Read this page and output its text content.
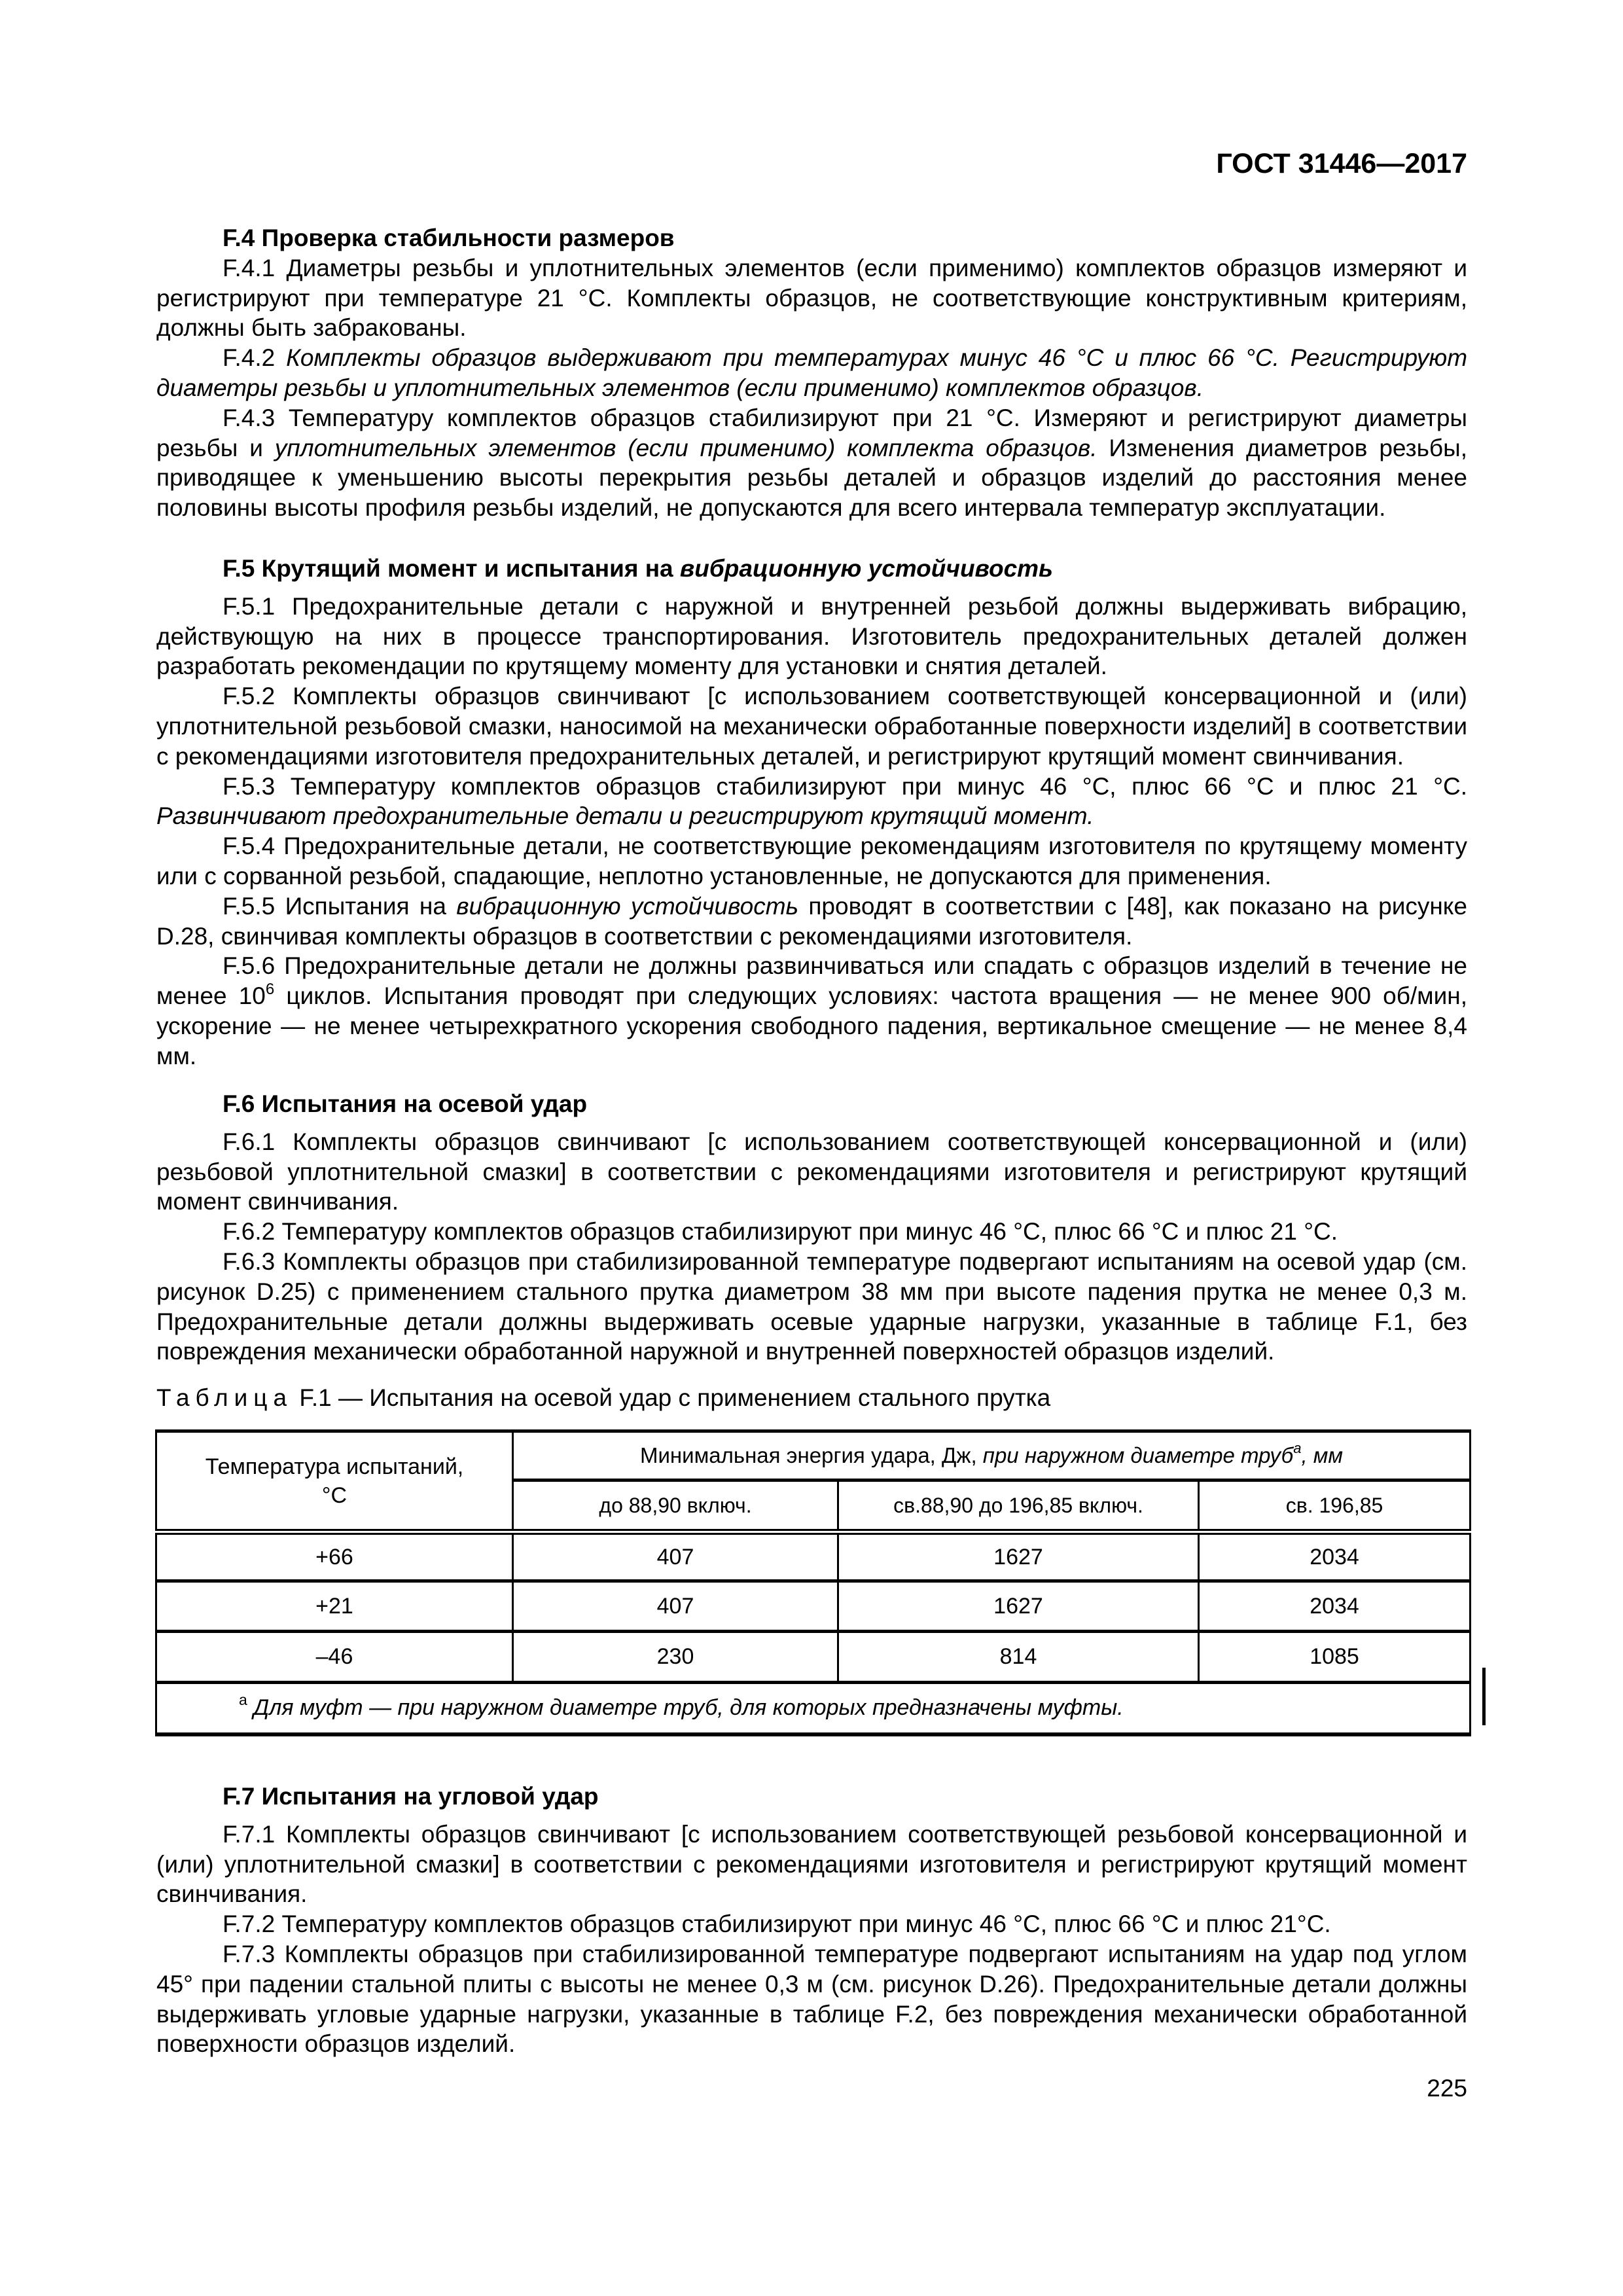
ГОСТ 31446—2017
F.4 Проверка стабильности размеров

F.4.1 Диаметры резьбы и уплотнительных элементов (если применимо) комплектов образцов измеряют и регистрируют при температуре 21 °С. Комплекты образцов, не соответствующие конструктивным критериям, должны быть забракованы.

F.4.2 Комплекты образцов выдерживают при температурах минус 46 °С и плюс 66 °С. Регистрируют диаметры резьбы и уплотнительных элементов (если применимо) комплектов образцов.

F.4.3 Температуру комплектов образцов стабилизируют при 21 °С. Измеряют и регистрируют диаметры резьбы и уплотнительных элементов (если применимо) комплекта образцов. Изменения диаметров резьбы, приводящее к уменьшению высоты перекрытия резьбы деталей и образцов изделий до расстояния менее половины высоты профиля резьбы изделий, не допускаются для всего интервала температур эксплуатации.

F.5 Крутящий момент и испытания на вибрационную устойчивость

F.5.1 Предохранительные детали с наружной и внутренней резьбой должны выдерживать вибрацию, действующую на них в процессе транспортирования. Изготовитель предохранительных деталей должен разработать рекомендации по крутящему моменту для установки и снятия деталей.

F.5.2 Комплекты образцов свинчивают [с использованием соответствующей консервационной и (или) уплотнительной резьбовой смазки, наносимой на механически обработанные поверхности изделий] в соответствии с рекомендациями изготовителя предохранительных деталей, и регистрируют крутящий момент свинчивания.

F.5.3 Температуру комплектов образцов стабилизируют при минус 46 °С, плюс 66 °С и плюс 21 °С. Развинчивают предохранительные детали и регистрируют крутящий момент.

F.5.4 Предохранительные детали, не соответствующие рекомендациям изготовителя по крутящему моменту или с сорванной резьбой, спадающие, неплотно установленные, не допускаются для применения.

F.5.5 Испытания на вибрационную устойчивость проводят в соответствии с [48], как показано на рисунке D.28, свинчивая комплекты образцов в соответствии с рекомендациями изготовителя.

F.5.6 Предохранительные детали не должны развинчиваться или спадать с образцов изделий в течение не менее $10^6$ циклов. Испытания проводят при следующих условиях: частота вращения — не менее 900 об/мин, ускорение — не менее четырехкратного ускорения свободного падения, вертикальное смещение — не менее 8,4 мм.

F.6 Испытания на осевой удар

F.6.1 Комплекты образцов свинчивают [с использованием соответствующей консервационной и (или) резьбовой уплотнительной смазки] в соответствии с рекомендациями изготовителя и регистрируют крутящий момент свинчивания.

F.6.2 Температуру комплектов образцов стабилизируют при минус 46 °С, плюс 66 °С и плюс 21 °С.

F.6.3 Комплекты образцов при стабилизированной температуре подвергают испытаниям на осевой удар (см. рисунок D.25) с применением стального прутка диаметром 38 мм при высоте падения прутка не менее 0,3 м. Предохранительные детали должны выдерживать осевые ударные нагрузки, указанные в таблице F.1, без повреждения механически обработанной наружной и внутренней поверхностей образцов изделий.

Таблица F.1 — Испытания на осевой удар с применением стального прутка
Температура испытаний, °С	Минимальная энергия удара, Дж, при наружном диаметре труб$^а$, мм		
	до 88,90 включ.	св.88,90 до 196,85 включ.	св. 196,85
+66	407	1627	2034
+21	407	1627	2034
–46	230	814	1085
$^а$ Для муфт — при наружном диаметре труб, для которых предназначены муфты.			
F.7 Испытания на угловой удар

F.7.1 Комплекты образцов свинчивают [с использованием соответствующей резьбовой консервационной и (или) уплотнительной смазки] в соответствии с рекомендациями изготовителя и регистрируют крутящий момент свинчивания.

F.7.2 Температуру комплектов образцов стабилизируют при минус 46 °С, плюс 66 °С и плюс 21°С.

F.7.3 Комплекты образцов при стабилизированной температуре подвергают испытаниям на удар под углом 45° при падении стальной плиты с высоты не менее 0,3 м (см. рисунок D.26). Предохранительные детали должны выдерживать угловые ударные нагрузки, указанные в таблице F.2, без повреждения механически обработанной поверхности образцов изделий.

225
